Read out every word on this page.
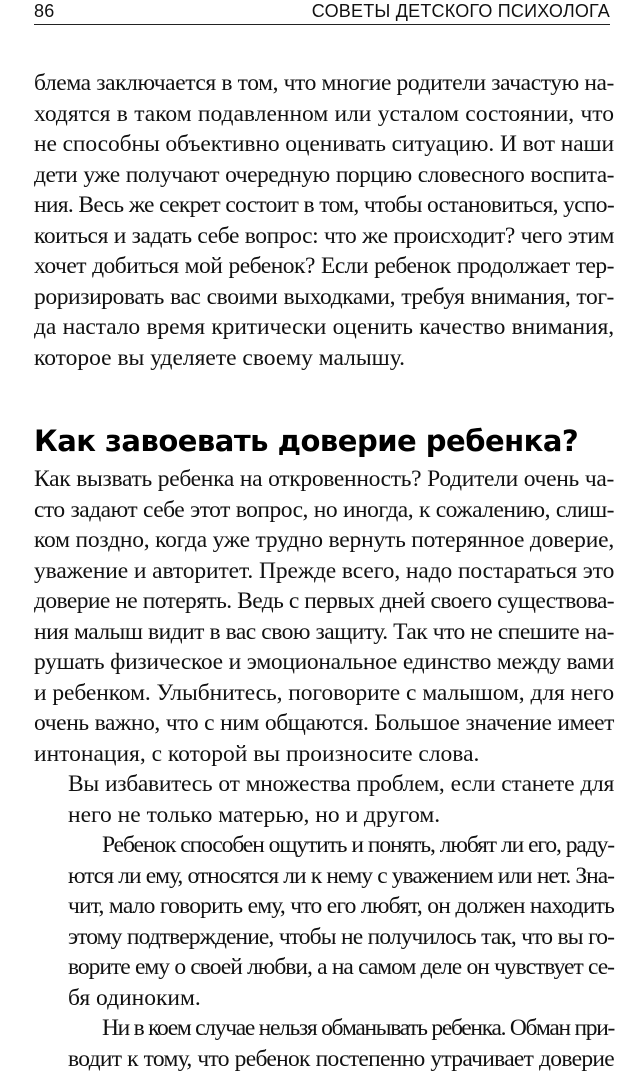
86	СОВЕТЫ ДЕТСКОГО ПСИХОЛОГА

блема заключается в том, что многие родители зачастую на-
ходятся в таком подавленном или усталом состоянии, что
не способны объективно оценивать ситуацию. И вот наши
дети уже получают очередную порцию словесного воспита-
ния. Весь же секрет состоит в том, чтобы остановиться, успо-
коиться и задать себе вопрос: что же происходит? чего этим
хочет добиться мой ребенок? Если ребенок продолжает тер-
роризировать вас своими выходками, требуя внимания, тог-
да настало время критически оценить качество внимания,
которое вы уделяете своему малышу.

Как завоевать доверие ребенка?

Как вызвать ребенка на откровенность? Родители очень ча-
сто задают себе этот вопрос, но иногда, к сожалению, слиш-
ком поздно, когда уже трудно вернуть потерянное доверие,
уважение и авторитет. Прежде всего, надо постараться это
доверие не потерять. Ведь с первых дней своего существова-
ния малыш видит в вас свою защиту. Так что не спешите на-
рушать физическое и эмоциональное единство между вами
и ребенком. Улыбнитесь, поговорите с малышом, для него
очень важно, что с ним общаются. Большое значение имеет
интонация, с которой вы произносите слова.

Вы избавитесь от множества проблем, если станете для
него не только матерью, но и другом.

Ребенок способен ощутить и понять, любят ли его, раду-
ются ли ему, относятся ли к нему с уважением или нет. Зна-
чит, мало говорить ему, что его любят, он должен находить
этому подтверждение, чтобы не получилось так, что вы го-
ворите ему о своей любви, а на самом деле он чувствует се-
бя одиноким.

Ни в коем случае нельзя обманывать ребенка. Обман при-
водит к тому, что ребенок постепенно утрачивает доверие
